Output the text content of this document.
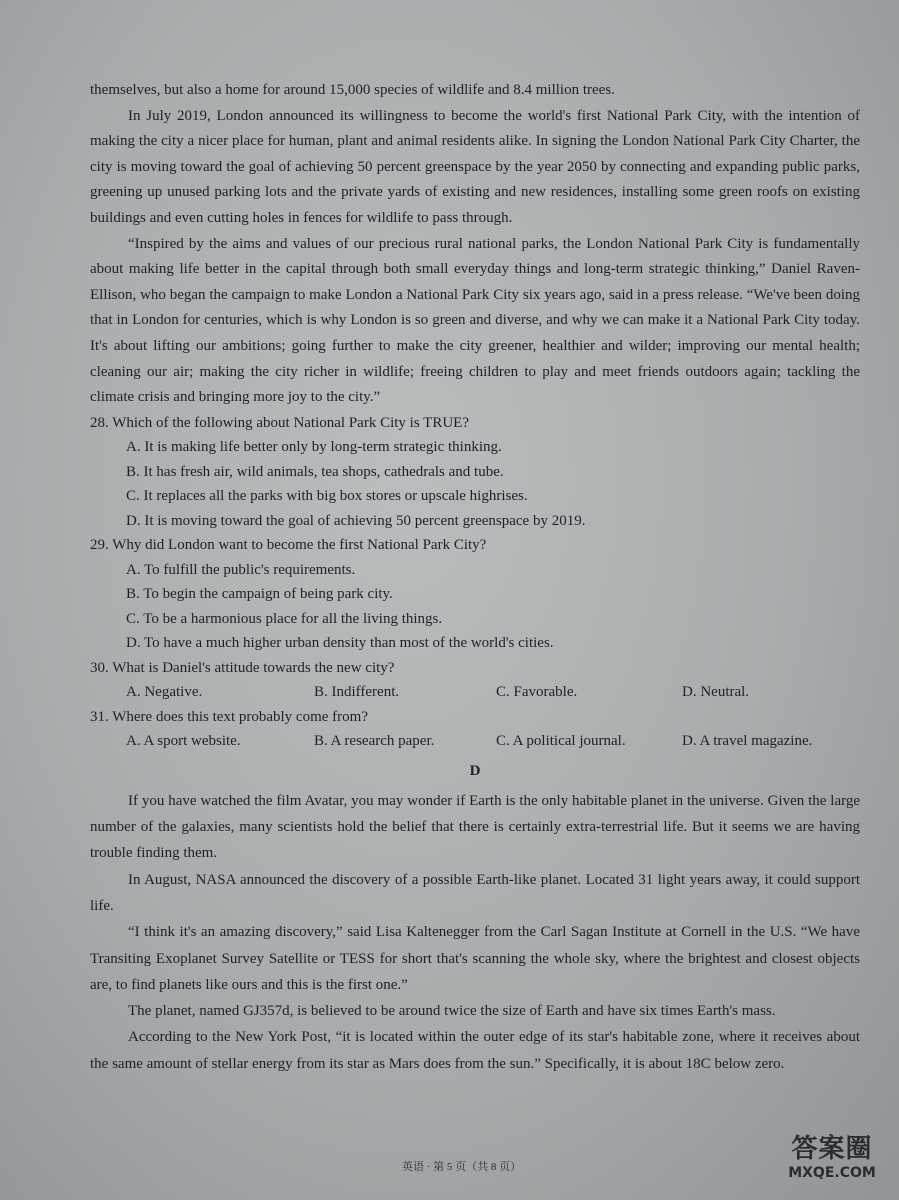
themselves, but also a home for around 15,000 species of wildlife and 8.4 million trees.

In July 2019, London announced its willingness to become the world's first National Park City, with the intention of making the city a nicer place for human, plant and animal residents alike. In signing the London National Park City Charter, the city is moving toward the goal of achieving 50 percent greenspace by the year 2050 by connecting and expanding public parks, greening up unused parking lots and the private yards of existing and new residences, installing some green roofs on existing buildings and even cutting holes in fences for wildlife to pass through.

“Inspired by the aims and values of our precious rural national parks, the London National Park City is fundamentally about making life better in the capital through both small everyday things and long-term strategic thinking,” Daniel Raven-Ellison, who began the campaign to make London a National Park City six years ago, said in a press release. “We've been doing that in London for centuries, which is why London is so green and diverse, and why we can make it a National Park City today. It's about lifting our ambitions; going further to make the city greener, healthier and wilder; improving our mental health; cleaning our air; making the city richer in wildlife; freeing children to play and meet friends outdoors again; tackling the climate crisis and bringing more joy to the city.”

28. Which of the following about National Park City is TRUE?
A. It is making life better only by long-term strategic thinking.
B. It has fresh air, wild animals, tea shops, cathedrals and tube.
C. It replaces all the parks with big box stores or upscale highrises.
D. It is moving toward the goal of achieving 50 percent greenspace by 2019.
29. Why did London want to become the first National Park City?
A. To fulfill the public's requirements.
B. To begin the campaign of being park city.
C. To be a harmonious place for all the living things.
D. To have a much higher urban density than most of the world's cities.
30. What is Daniel's attitude towards the new city?
A. Negative.	B. Indifferent.	C. Favorable.	D. Neutral.
31. Where does this text probably come from?
A. A sport website.	B. A research paper.	C. A political journal.	D. A travel magazine.
D

If you have watched the film Avatar, you may wonder if Earth is the only habitable planet in the universe. Given the large number of the galaxies, many scientists hold the belief that there is certainly extra-terrestrial life. But it seems we are having trouble finding them.

In August, NASA announced the discovery of a possible Earth-like planet. Located 31 light years away, it could support life.

“I think it's an amazing discovery,” said Lisa Kaltenegger from the Carl Sagan Institute at Cornell in the U.S. “We have Transiting Exoplanet Survey Satellite or TESS for short that's scanning the whole sky, where the brightest and closest objects are, to find planets like ours and this is the first one.”

The planet, named GJ357d, is believed to be around twice the size of Earth and have six times Earth's mass.

According to the New York Post, “it is located within the outer edge of its star's habitable zone, where it receives about the same amount of stellar energy from its star as Mars does from the sun.” Specifically, it is about 18C below zero.

英语 · 第 5 页（共 8 页）
答案圈
MXQE.COM
